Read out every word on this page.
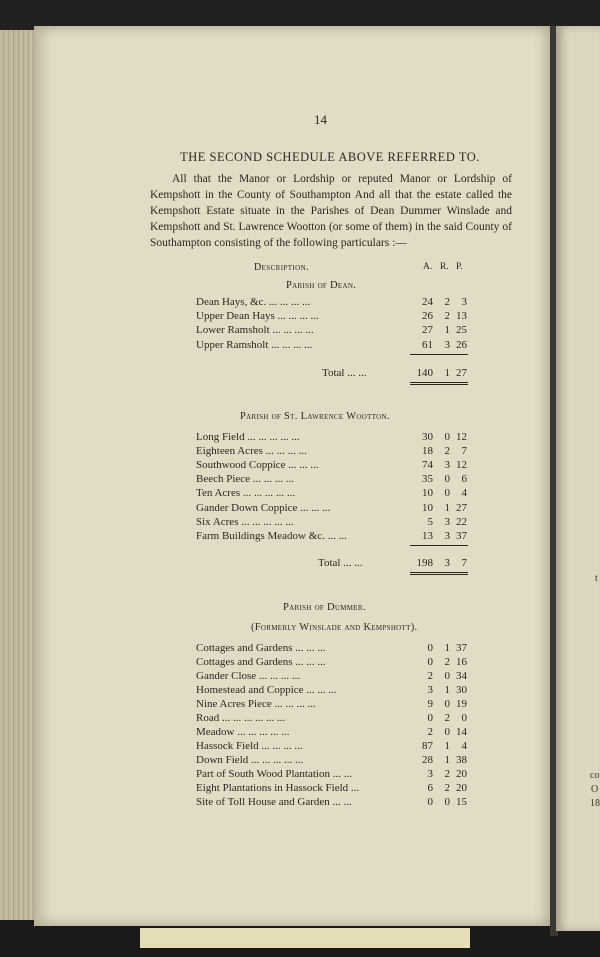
t
co
O
18
14
THE SECOND SCHEDULE ABOVE REFERRED TO.

All that the Manor or Lordship or reputed Manor or Lordship of Kempshott in the County of Southampton And all that the estate called the Kempshott Estate situate in the Parishes of Dean Dummer Winslade and Kempshott and St. Lawrence Wootton (or some of them) in the said County of Southampton consisting of the following particulars :—

Description.	A. R. P.
Parish of Dean.
Parish of St. Lawrence Wootton.
Parish of Dummer.
(Formerly Winslade and Kempshott).
Dean Hays, &c. ... ... ... ...	24 2 3
Upper Dean Hays ... ... ... ...	26 2 13
Lower Ramsholt ... ... ... ...	27 1 25
Upper Ramsholt ... ... ... ...	61 3 26
Total ... ...	140 1 27
Long Field ... ... ... ... ...	30 0 12
Eighteen Acres ... ... ... ...	18 2 7
Southwood Coppice ... ... ...	74 3 12
Beech Piece ... ... ... ...	35 0 6
Ten Acres ... ... ... ... ...	10 0 4
Gander Down Coppice ... ... ...	10 1 27
Six Acres ... ... ... ... ...	5 3 22
Farm Buildings Meadow &c. ... ...	13 3 37
Total ... ...	198 3 7
Cottages and Gardens ... ... ...	0 1 37
Cottages and Gardens ... ... ...	0 2 16
Gander Close ... ... ... ...	2 0 34
Homestead and Coppice ... ... ...	3 1 30
Nine Acres Piece ... ... ... ...	9 0 19
Road ... ... ... ... ... ...	0 2 0
Meadow ... ... ... ... ...	2 0 14
Hassock Field ... ... ... ...	87 1 4
Down Field ... ... ... ... ...	28 1 38
Part of South Wood Plantation ... ...	3 2 20
Eight Plantations in Hassock Field ...	6 2 20
Site of Toll House and Garden ... ...	0 0 15
